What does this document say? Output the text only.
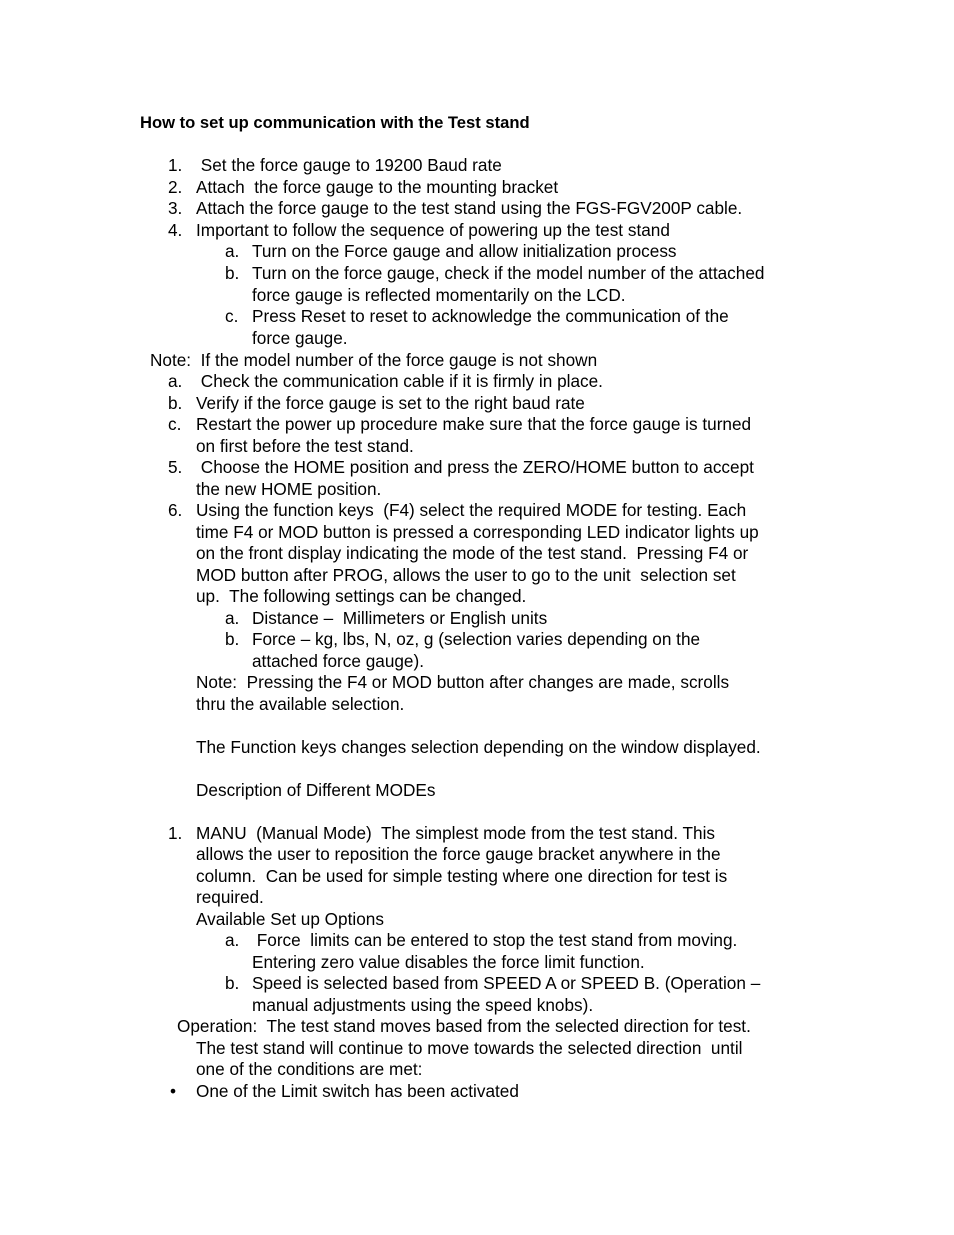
How to set up communication with the Test stand
1. Set the force gauge to 19200 Baud rate
2. Attach  the force gauge to the mounting bracket
3. Attach the force gauge to the test stand using the FGS-FGV200P cable.
4. Important to follow the sequence of powering up the test stand
a. Turn on the Force gauge and allow initialization process
b. Turn on the force gauge, check if the model number of the attached
force gauge is reflected momentarily on the LCD.
c. Press Reset to reset to acknowledge the communication of the
force gauge.
Note:  If the model number of the force gauge is not shown
a. Check the communication cable if it is firmly in place.
b. Verify if the force gauge is set to the right baud rate
c. Restart the power up procedure make sure that the force gauge is turned
on first before the test stand.
5. Choose the HOME position and press the ZERO/HOME button to accept
the new HOME position.
6. Using the function keys  (F4) select the required MODE for testing. Each
time F4 or MOD button is pressed a corresponding LED indicator lights up
on the front display indicating the mode of the test stand.  Pressing F4 or
MOD button after PROG, allows the user to go to the unit  selection set
up.  The following settings can be changed.
a. Distance –  Millimeters or English units
b. Force – kg, lbs, N, oz, g (selection varies depending on the
attached force gauge).
Note:  Pressing the F4 or MOD button after changes are made, scrolls
thru the available selection.
The Function keys changes selection depending on the window displayed.
Description of Different MODEs
1. MANU  (Manual Mode)  The simplest mode from the test stand. This
allows the user to reposition the force gauge bracket anywhere in the
column.  Can be used for simple testing where one direction for test is
required.
Available Set up Options
a. Force  limits can be entered to stop the test stand from moving.
Entering zero value disables the force limit function.
b. Speed is selected based from SPEED A or SPEED B. (Operation –
manual adjustments using the speed knobs).
Operation:  The test stand moves based from the selected direction for test.
The test stand will continue to move towards the selected direction  until
one of the conditions are met:
• One of the Limit switch has been activated
